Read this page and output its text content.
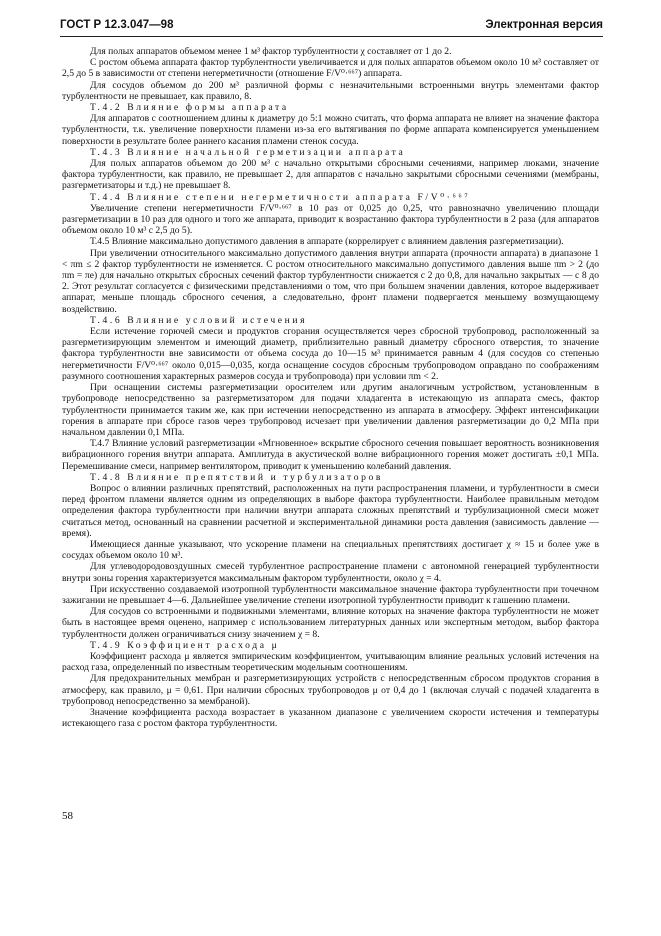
ГОСТ Р 12.3.047—98	Электронная версия

Для полых аппаратов объемом менее 1 м³ фактор турбулентности χ составляет от 1 до 2.

С ростом объема аппарата фактор турбулентности увеличивается и для полых аппаратов объемом около 10 м³ составляет от 2,5 до 5 в зависимости от степени негерметичности (отношение F/V⁰·⁶⁶⁷) аппарата.

Для сосудов объемом до 200 м³ различной формы с незначительными встроенными внутрь элементами фактор турбулентности не превышает, как правило, 8.

Т.4.2 Влияние формы аппарата

Для аппаратов с соотношением длины к диаметру до 5:1 можно считать, что форма аппарата не влияет на значение фактора турбулентности, т.к. увеличение поверхности пламени из-за его вытягивания по форме аппарата компенсируется уменьшением поверхности в результате более раннего касания пламени стенок сосуда.

Т.4.3 Влияние начальной герметизации аппарата

Для полых аппаратов объемом до 200 м³ с начально открытыми сбросными сечениями, например люками, значение фактора турбулентности, как правило, не превышает 2, для аппаратов с начально закрытыми сбросными сечениями (мембраны, разгерметизаторы и т.д.) не превышает 8.

Т.4.4 Влияние степени негерметичности аппарата F/V⁰·⁶⁶⁷

Увеличение степени негерметичности F/V⁰·⁶⁶⁷ в 10 раз от 0,025 до 0,25, что равнозначно увеличению площади разгерметизации в 10 раз для одного и того же аппарата, приводит к возрастанию фактора турбулентности в 2 раза (для аппаратов объемом около 10 м³ с 2,5 до 5).

Т.4.5 Влияние максимально допустимого давления в аппарате (коррелирует с влиянием давления разгерметизации).

При увеличении относительного максимально допустимого давления внутри аппарата (прочности аппарата) в диапазоне 1 < πm ≤ 2 фактор турбулентности не изменяется. С ростом относительного максимально допустимого давления выше πm > 2 (до πm = πe) для начально открытых сбросных сечений фактор турбулентности снижается с 2 до 0,8, для начально закрытых — с 8 до 2. Этот результат согласуется с физическими представлениями о том, что при большем значении давления, которое выдерживает аппарат, меньше площадь сбросного сечения, а следовательно, фронт пламени подвергается меньшему возмущающему воздействию.

Т.4.6 Влияние условий истечения

Если истечение горючей смеси и продуктов сгорания осуществляется через сбросной трубопровод, расположенный за разгерметизирующим элементом и имеющий диаметр, приблизительно равный диаметру сбросного отверстия, то значение фактора турбулентности вне зависимости от объема сосуда до 10—15 м³ принимается равным 4 (для сосудов со степенью негерметичности F/V⁰·⁶⁶⁷ около 0,015—0,035, когда оснащение сосудов сбросным трубопроводом оправдано по соображениям разумного соотношения характерных размеров сосуда и трубопровода) при условии πm < 2.

При оснащении системы разгерметизации оросителем или другим аналогичным устройством, установленным в трубопроводе непосредственно за разгерметизатором для подачи хладагента в истекающую из аппарата смесь, фактор турбулентности принимается таким же, как при истечении непосредственно из аппарата в атмосферу. Эффект интенсификации горения в аппарате при сбросе газов через трубопровод исчезает при увеличении давления разгерметизации до 0,2 МПа при начальном давлении 0,1 МПа.

Т.4.7 Влияние условий разгерметизации «Мгновенное» вскрытие сбросного сечения повышает вероятность возникновения вибрационного горения внутри аппарата. Амплитуда в акустической волне вибрационного горения может достигать ±0,1 МПа. Перемешивание смеси, например вентилятором, приводит к уменьшению колебаний давления.

Т.4.8 Влияние препятствий и турбулизаторов

Вопрос о влиянии различных препятствий, расположенных на пути распространения пламени, и турбулентности в смеси перед фронтом пламени является одним из определяющих в выборе фактора турбулентности. Наиболее правильным методом определения фактора турбулентности при наличии внутри аппарата сложных препятствий и турбулизационной смеси может считаться метод, основанный на сравнении расчетной и экспериментальной динамики роста давления (зависимость давление — время).

Имеющиеся данные указывают, что ускорение пламени на специальных препятствиях достигает χ ≈ 15 и более уже в сосудах объемом около 10 м³.

Для углеводородовоздушных смесей турбулентное распространение пламени с автономной генерацией турбулентности внутри зоны горения характеризуется максимальным фактором турбулентности, около χ = 4.

При искусственно создаваемой изотропной турбулентности максимальное значение фактора турбулентности при точечном зажигании не превышает 4—6. Дальнейшее увеличение степени изотропной турбулентности приводит к гашению пламени.

Для сосудов со встроенными и подвижными элементами, влияние которых на значение фактора турбулентности не может быть в настоящее время оценено, например с использованием литературных данных или экспертным методом, выбор фактора турбулентности должен ограничиваться снизу значением χ = 8.

Т.4.9 Коэффициент расхода μ

Коэффициент расхода μ является эмпирическим коэффициентом, учитывающим влияние реальных условий истечения на расход газа, определенный по известным теоретическим модельным соотношениям.

Для предохранительных мембран и разгерметизирующих устройств с непосредственным сбросом продуктов сгорания в атмосферу, как правило, μ = 0,61. При наличии сбросных трубопроводов μ от 0,4 до 1 (включая случай с подачей хладагента в трубопровод непосредственно за мембраной).

Значение коэффициента расхода возрастает в указанном диапазоне с увеличением скорости истечения и температуры истекающего газа с ростом фактора турбулентности.

58
